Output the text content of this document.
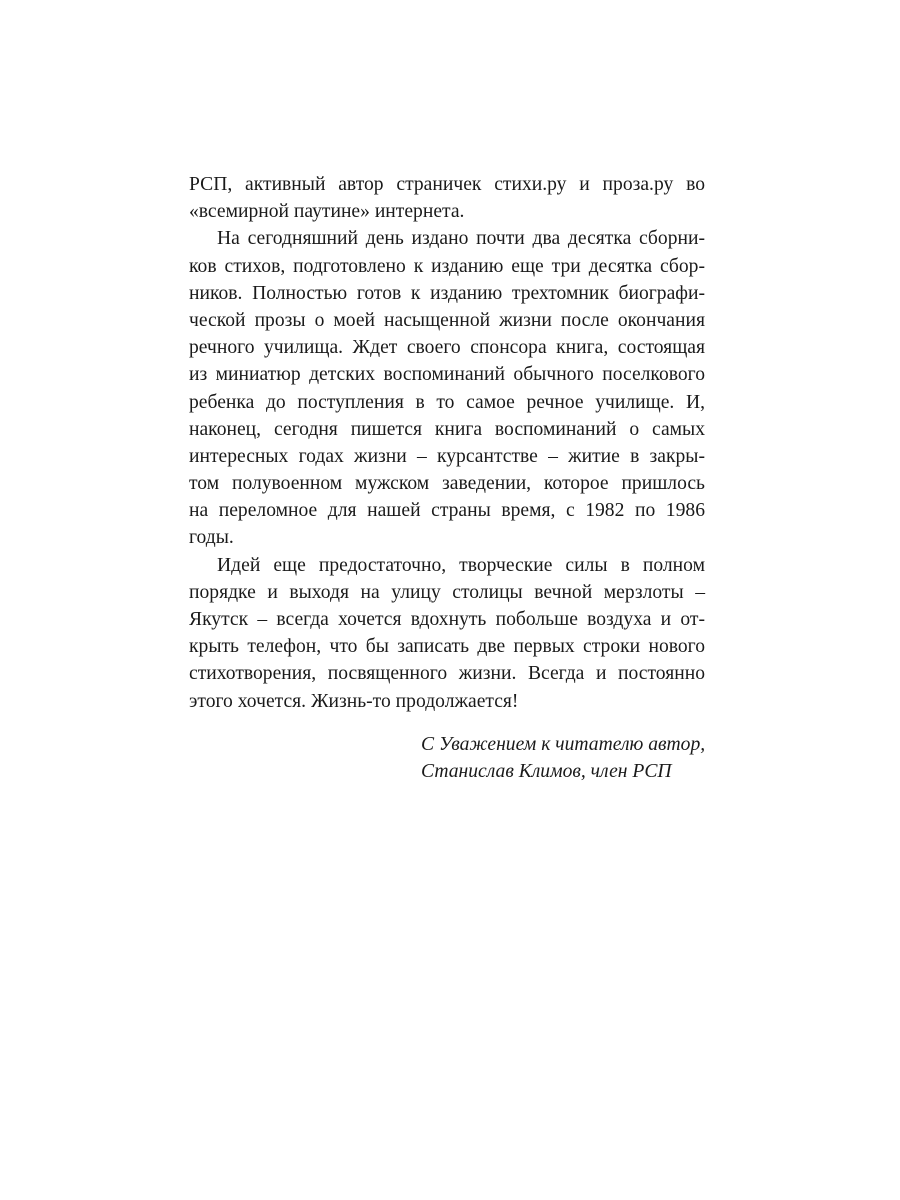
РСП, активный автор страничек стихи.ру и проза.ру во
«всемирной паутине» интернета.

На сегодняшний день издано почти два десятка сборни-
ков стихов, подготовлено к изданию еще три десятка сбор-
ников. Полностью готов к изданию трехтомник биографи-
ческой прозы о моей насыщенной жизни после окончания
речного училища. Ждет своего спонсора книга, состоящая
из миниатюр детских воспоминаний обычного поселкового
ребенка до поступления в то самое речное училище. И,
наконец, сегодня пишется книга воспоминаний о самых
интересных годах жизни – курсантстве – житие в закры-
том полувоенном мужском заведении, которое пришлось
на переломное для нашей страны время, с 1982 по 1986
годы.

Идей еще предостаточно, творческие силы в полном
порядке и выходя на улицу столицы вечной мерзлоты –
Якутск – всегда хочется вдохнуть побольше воздуха и от-
крыть телефон, что бы записать две первых строки нового
стихотворения, посвященного жизни. Всегда и постоянно
этого хочется. Жизнь-то продолжается!

С Уважением к читателю автор,
Станислав Климов, член РСП
